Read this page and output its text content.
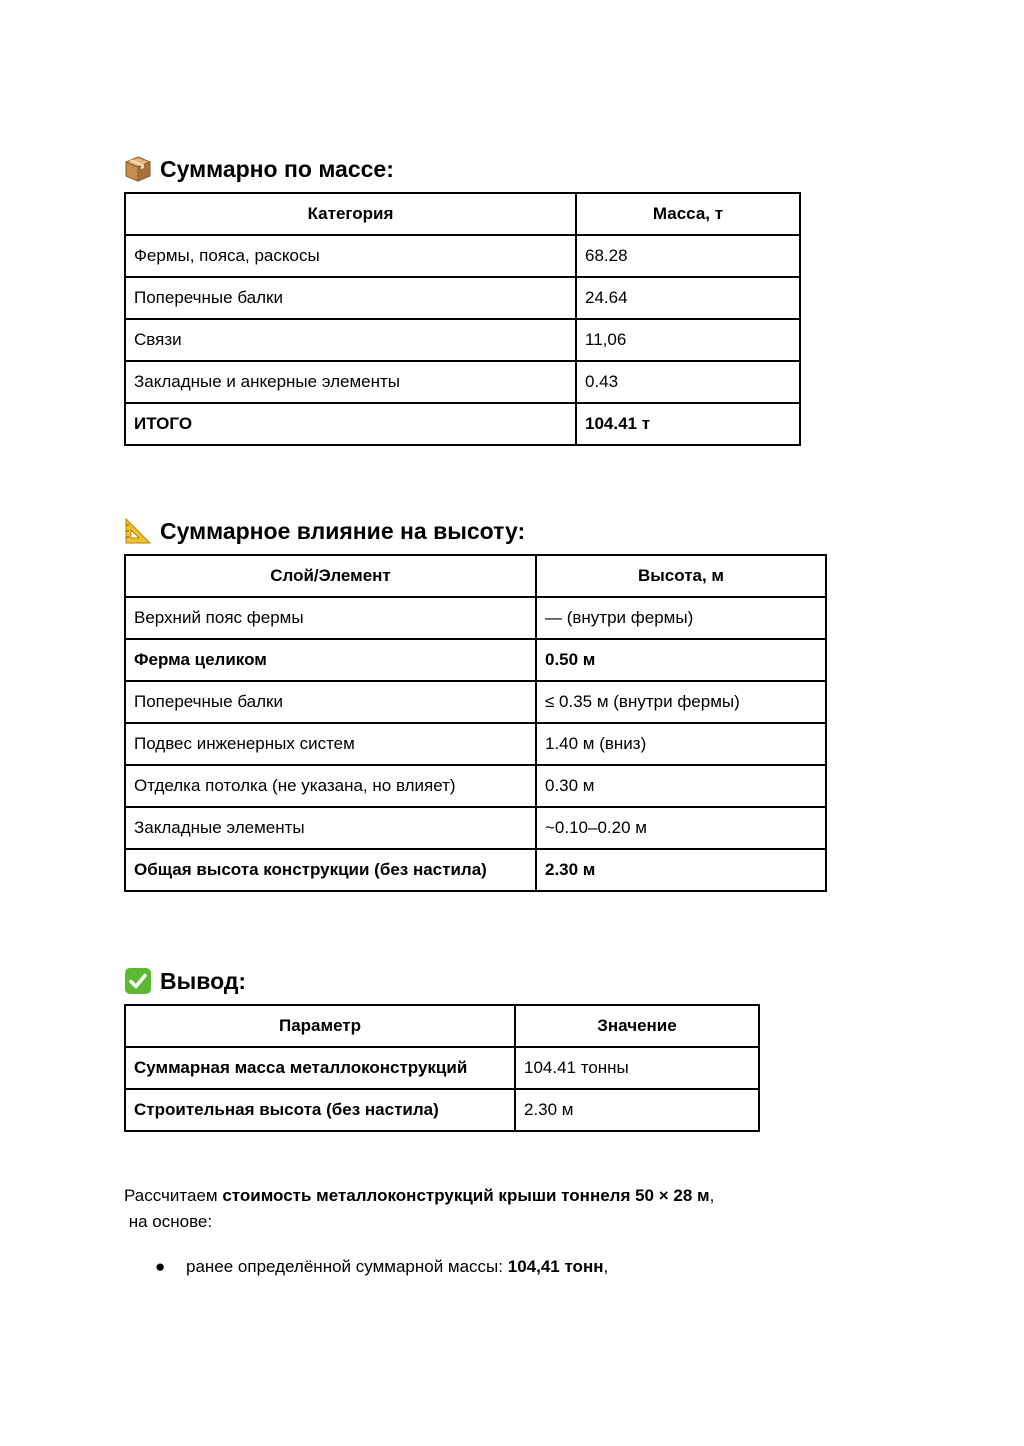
Суммарно по массе:
Категория	Масса, т
Фермы, пояса, раскосы	68.28
Поперечные балки	24.64
Связи	11,06
Закладные и анкерные элементы	0.43
ИТОГО	104.41 т
Суммарное влияние на высоту:
Слой/Элемент	Высота, м
Верхний пояс фермы	— (внутри фермы)
Ферма целиком	0.50 м
Поперечные балки	≤ 0.35 м (внутри фермы)
Подвес инженерных систем	1.40 м (вниз)
Отделка потолка (не указана, но влияет)	0.30 м
Закладные элементы	~0.10–0.20 м
Общая высота конструкции (без настила)	2.30 м
Вывод:
Параметр	Значение
Суммарная масса металлоконструкций	104.41 тонны
Строительная высота (без настила)	2.30 м

Рассчитаем стоимость металлоконструкций крыши тоннеля 50 × 28 м,

на основе:

● ранее определённой суммарной массы: 104,41 тонн,
